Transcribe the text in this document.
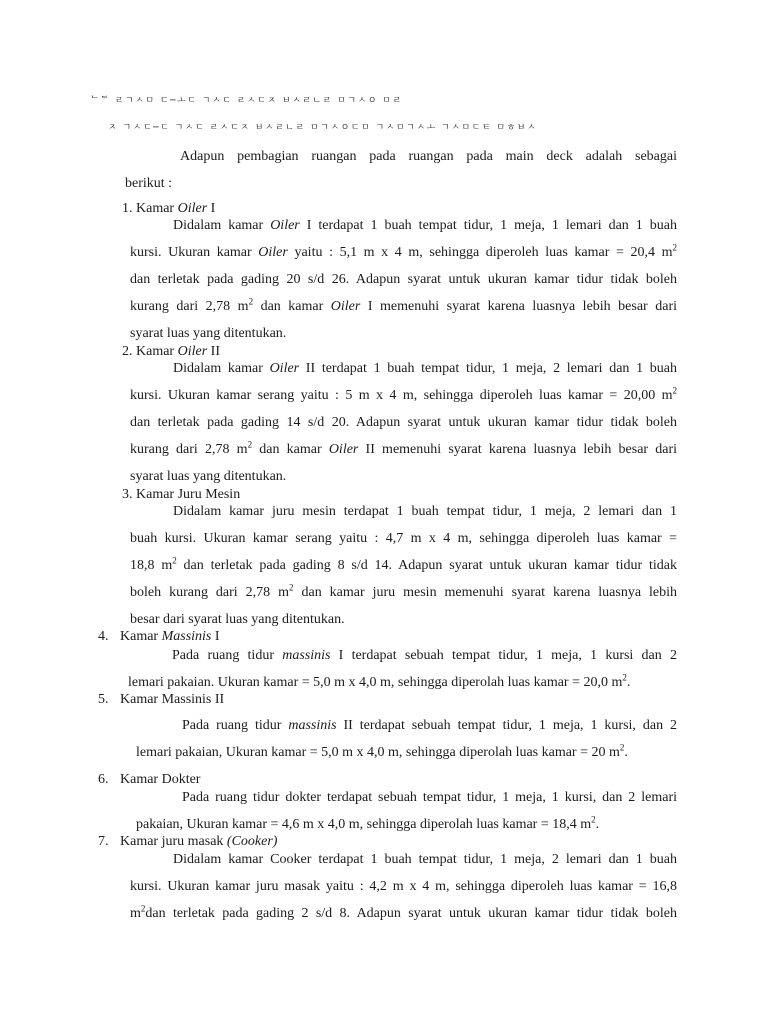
ᄂᄃ ㄹㄱㅅㅁ ㄷ─ㅗㄷ ㄱㅅㄷ ㄹㅅㄷㅈ ㅂㅅㄹㄴㄹ ㅁㄱㅅㅇ ㅁㄹ
ㅈ ㄱㅅㄷ─ㄷ ㄱㅅㄷ ㄹㅅㄷㅈ ㅂㅅㄹㄴㄹ ㅁㄱㅅㅇㄷㅁ ㄱㅅㅁㄱㅅㅗ ㄱㅅㅁㄷㅌ ㅁㅎㅂㅅ
Adapun pembagian ruangan pada ruangan pada main deck adalah sebagai
berikut :
1. Kamar Oiler I
Didalam kamar Oiler I terdapat 1 buah tempat tidur, 1 meja, 1 lemari dan 1 buah
kursi. Ukuran kamar Oiler yaitu : 5,1 m x 4 m, sehingga diperoleh luas kamar = 20,4 $m^2$
dan terletak pada gading 20 s/d 26. Adapun syarat untuk ukuran kamar tidur tidak boleh
kurang dari 2,78 $m^2$ dan kamar Oiler I memenuhi syarat karena luasnya lebih besar dari
syarat luas yang ditentukan.
2. Kamar Oiler II
Didalam kamar Oiler II terdapat 1 buah tempat tidur, 1 meja, 2 lemari dan 1 buah
kursi. Ukuran kamar serang yaitu : 5 m x 4 m, sehingga diperoleh luas kamar = 20,00 $m^2$
dan terletak pada gading 14 s/d 20. Adapun syarat untuk ukuran kamar tidur tidak boleh
kurang dari 2,78 $m^2$ dan kamar Oiler II memenuhi syarat karena luasnya lebih besar dari
syarat luas yang ditentukan.
3. Kamar Juru Mesin
Didalam kamar juru mesin terdapat 1 buah tempat tidur, 1 meja, 2 lemari dan 1
buah kursi. Ukuran kamar serang yaitu : 4,7 m x 4 m, sehingga diperoleh luas kamar =
18,8 $m^2$ dan terletak pada gading 8 s/d 14. Adapun syarat untuk ukuran kamar tidur tidak
boleh kurang dari 2,78 $m^2$ dan kamar juru mesin memenuhi syarat karena luasnya lebih
besar dari syarat luas yang ditentukan.
4. Kamar Massinis I
Pada ruang tidur massinis I terdapat sebuah tempat tidur, 1 meja, 1 kursi dan 2
lemari pakaian. Ukuran kamar = 5,0 m x 4,0 m, sehingga diperolah luas kamar = 20,0 $m^2$.
5. Kamar Massinis II
Pada ruang tidur massinis II terdapat sebuah tempat tidur, 1 meja, 1 kursi, dan 2
lemari pakaian, Ukuran kamar = 5,0 m x 4,0 m, sehingga diperolah luas kamar = 20 $m^2$.
6. Kamar Dokter
Pada ruang tidur dokter terdapat sebuah tempat tidur, 1 meja, 1 kursi, dan 2 lemari
pakaian, Ukuran kamar = 4,6 m x 4,0 m, sehingga diperolah luas kamar = 18,4 $m^2$.
7. Kamar juru masak (Cooker)
Didalam kamar Cooker terdapat 1 buah tempat tidur, 1 meja, 2 lemari dan 1 buah
kursi. Ukuran kamar juru masak yaitu : 4,2 m x 4 m, sehingga diperoleh luas kamar = 16,8
$m^2dan$ terletak pada gading 2 s/d 8. Adapun syarat untuk ukuran kamar tidur tidak boleh
